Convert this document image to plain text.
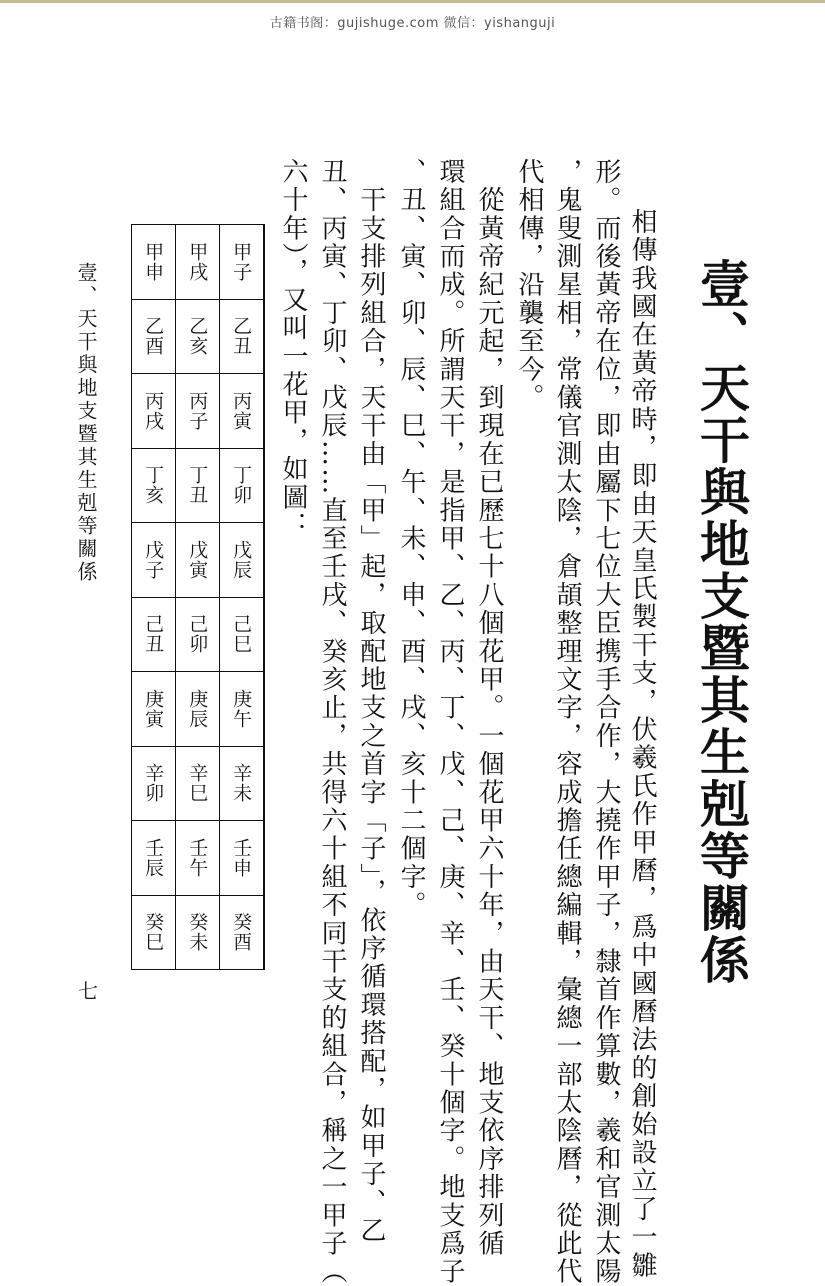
古籍书阁：gujishuge.com 微信：yishanguji
壹、天干與地支暨其生剋等關係
相傳我國在黃帝時，即由天皇氏製干支，伏羲氏作甲曆，爲中國曆法的創始設立了一雛
形。而後黃帝在位，即由屬下七位大臣携手合作，大撓作甲子，隸首作算數，羲和官測太陽
，鬼叟測星相，常儀官測太陰，倉頡整理文字，容成擔任總編輯，彙總一部太陰曆，從此代
代相傳，沿襲至今。
　從黃帝紀元起，到現在已歷七十八個花甲。一個花甲六十年，由天干、地支依序排列循
環組合而成。所謂天干，是指甲、乙、丙、丁、戊、己、庚、辛、壬、癸十個字。地支爲子
、丑、寅、卯、辰、巳、午、未、申、酉、戌、亥十二個字。
　干支排列組合，天干由「甲」起，取配地支之首字「子」，依序循環搭配，如甲子、乙
丑、丙寅、丁卯、戊辰……直至壬戌、癸亥止，共得六十組不同干支的組合，稱之一甲子（
六十年），又叫一花甲，如圖：
甲申	甲戌	甲子
乙酉	乙亥	乙丑
丙戌	丙子	丙寅
丁亥	丁丑	丁卯
戊子	戊寅	戊辰
己丑	己卯	己巳
庚寅	庚辰	庚午
辛卯	辛巳	辛未
壬辰	壬午	壬申
癸巳	癸未	癸酉
壹、天干與地支暨其生剋等關係
七
